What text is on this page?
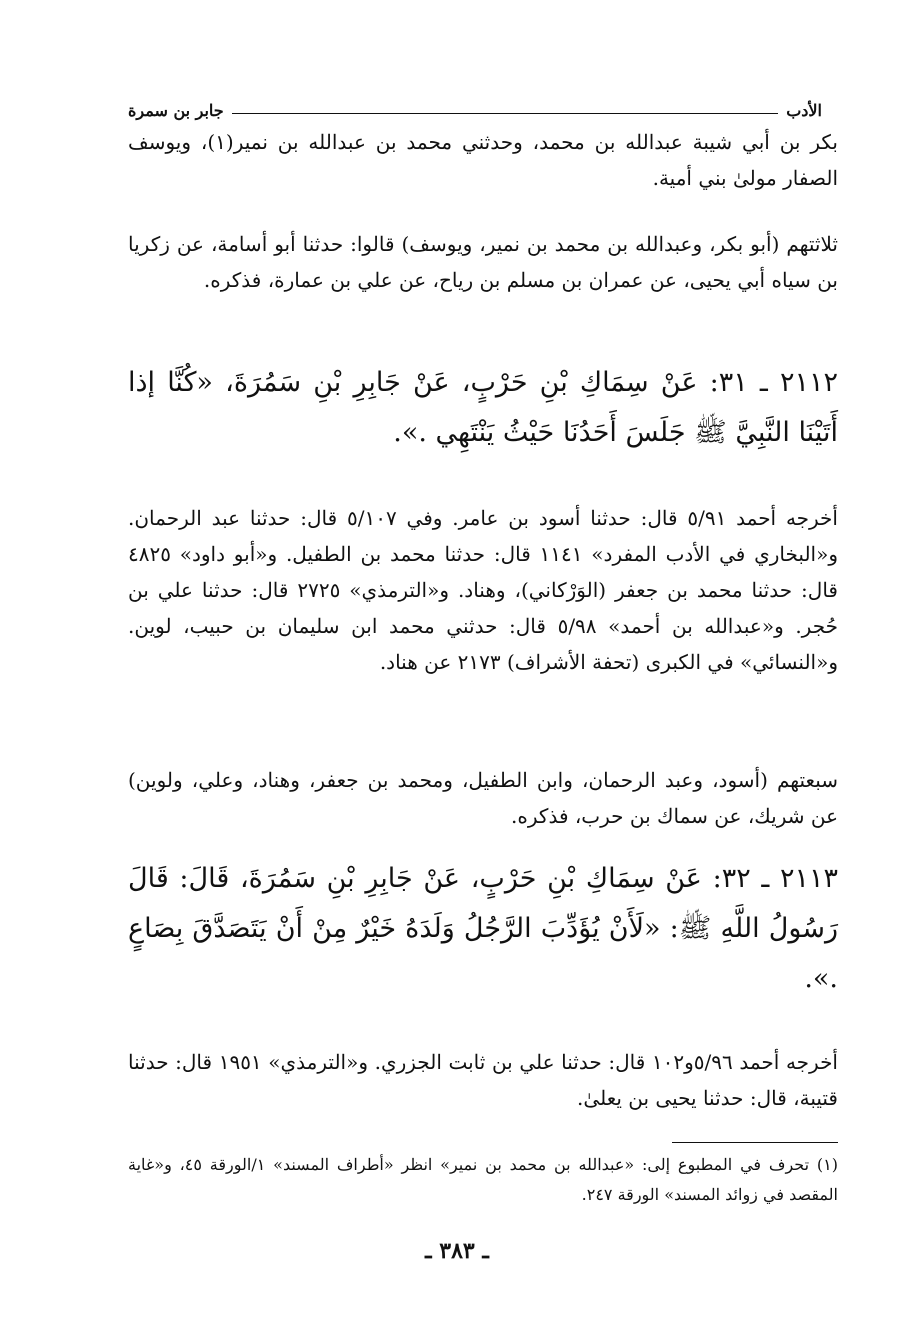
الأدب
جابر بن سمرة

بكر بن أبي شيبة عبدالله بن محمد، وحدثني محمد بن عبدالله بن نمير(١)، ويوسف الصفار مولىٰ بني أمية.

ثلاثتهم (أبو بكر، وعبدالله بن محمد بن نمير، ويوسف) قالوا: حدثنا أبو أسامة، عن زكريا بن سياه أبي يحيى، عن عمران بن مسلم بن رياح، عن علي بن عمارة، فذكره.

٢١١٢ ـ ٣١: عَنْ سِمَاكِ بْنِ حَرْبٍ، عَنْ جَابِرِ بْنِ سَمُرَةَ، «كُنَّا إذا أَتَيْنَا النَّبِيَّ ﷺ جَلَسَ أَحَدُنَا حَيْثُ يَنْتَهِي .».

أخرجه أحمد ٥/٩١ قال: حدثنا أسود بن عامر. وفي ٥/١٠٧ قال: حدثنا عبد الرحمان. و«البخاري في الأدب المفرد» ١١٤١ قال: حدثنا محمد بن الطفيل. و«أبو داود» ٤٨٢٥ قال: حدثنا محمد بن جعفر (الوَرْكاني)، وهناد. و«الترمذي» ٢٧٢٥ قال: حدثنا علي بن حُجر. و«عبدالله بن أحمد» ٥/٩٨ قال: حدثني محمد ابن سليمان بن حبيب، لوين. و«النسائي» في الكبرى (تحفة الأشراف) ٢١٧٣ عن هناد.

سبعتهم (أسود، وعبد الرحمان، وابن الطفيل، ومحمد بن جعفر، وهناد، وعلي، ولوين) عن شريك، عن سماك بن حرب، فذكره.

٢١١٣ ـ ٣٢: عَنْ سِمَاكِ بْنِ حَرْبٍ، عَنْ جَابِرِ بْنِ سَمُرَةَ، قَالَ: قَالَ رَسُولُ اللَّهِ ﷺ: «لَأَنْ يُؤَدِّبَ الرَّجُلُ وَلَدَهُ خَيْرٌ مِنْ أَنْ يَتَصَدَّقَ بِصَاعٍ .».

أخرجه أحمد ٥/٩٦و١٠٢ قال: حدثنا علي بن ثابت الجزري. و«الترمذي» ١٩٥١ قال: حدثنا قتيبة، قال: حدثنا يحيى بن يعلىٰ.

(١) تحرف في المطبوع إلى: «عبدالله بن محمد بن نمير» انظر «أطراف المسند» ١/الورقة ٤٥، و«غاية المقصد في زوائد المسند» الورقة ٢٤٧.
ـ ٣٨٣ ـ
